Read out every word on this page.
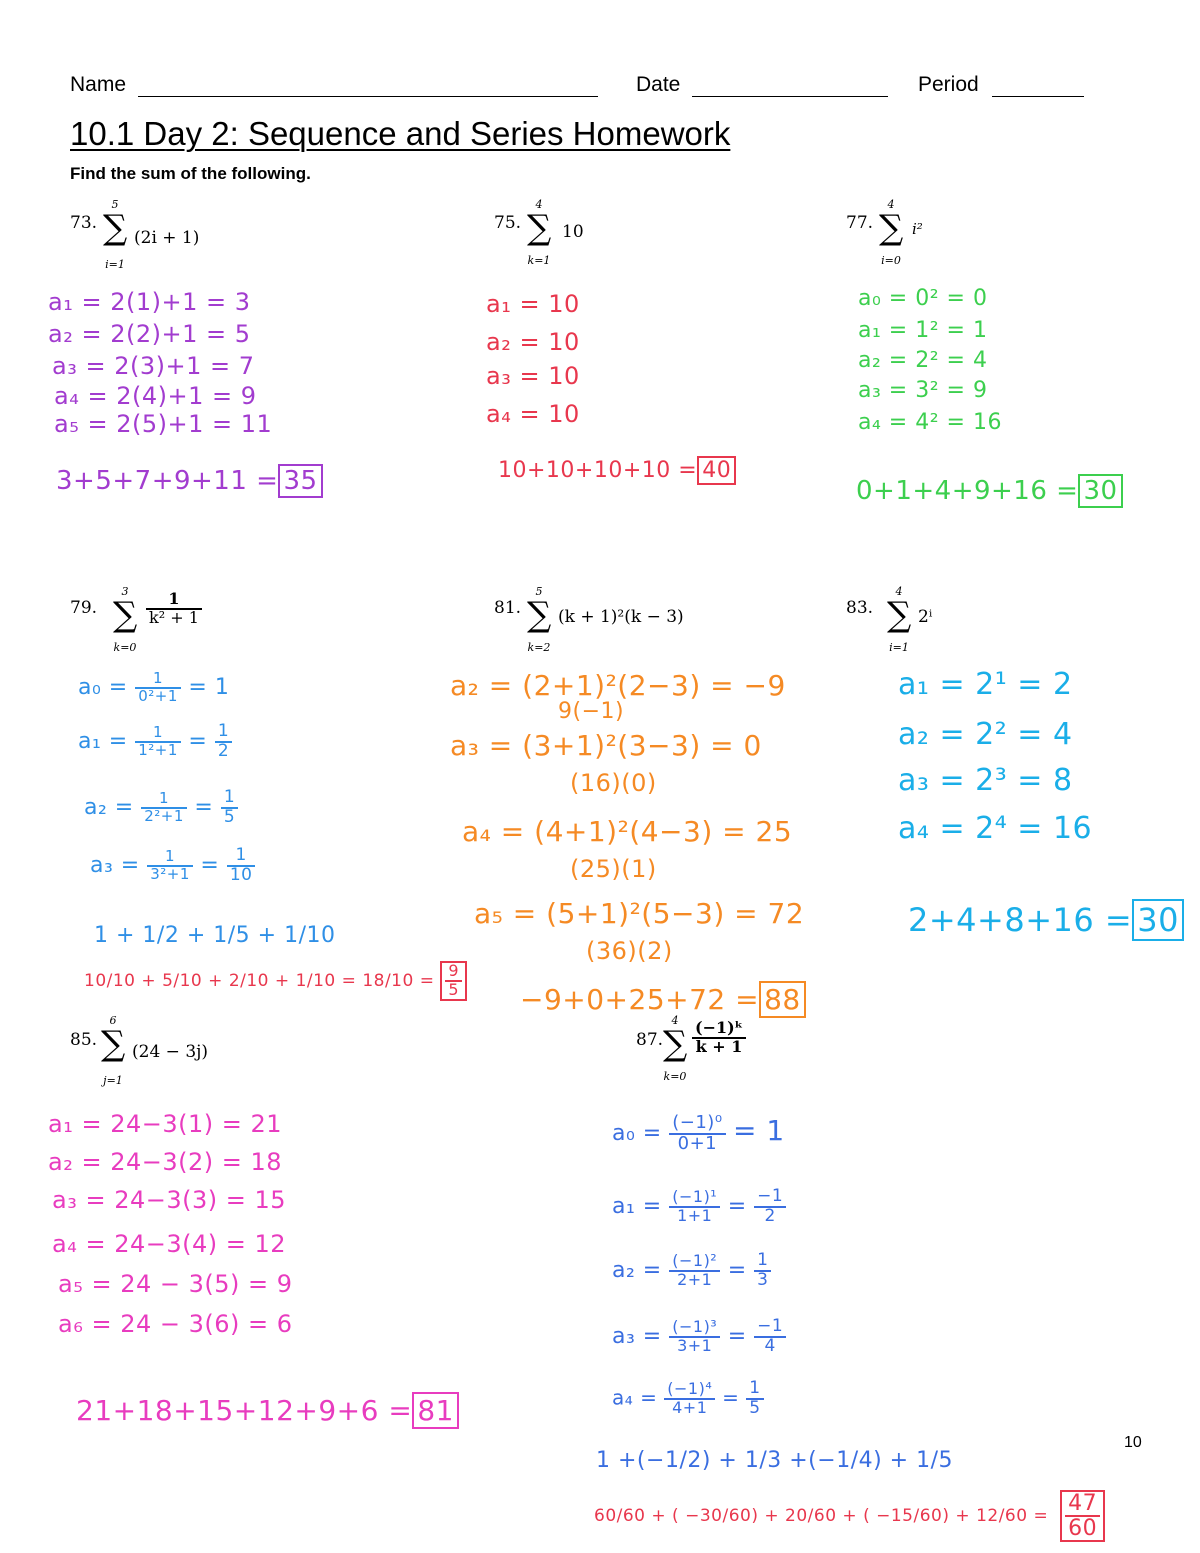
Name	Date	Period
10.1 Day 2: Sequence and Series Homework
Find the sum of the following.
73.
5
∑
i=1
(2i + 1)
a₁ = 2(1)+1 = 3
a₂ = 2(2)+1 = 5
a₃ = 2(3)+1 = 7
a₄ = 2(4)+1 = 9
a₅ = 2(5)+1 = 11
3+5+7+9+11 = 35
75.
4
∑
k=1
10
a₁ = 10
a₂ = 10
a₃ = 10
a₄ = 10
10+10+10+10 = 40
77.
4
∑
i=0
i²
a₀ = 0² = 0
a₁ = 1² = 1
a₂ = 2² = 4
a₃ = 3² = 9
a₄ = 4² = 16
0+1+4+9+16 = 30
79.
3
∑
k=0
$\frac{1}{\text{k² + 1}}$
$a_0 = \frac{1}{\text{0²+1}} = 1$
$a_1 = \frac{1}{\text{1²+1}} = \frac{1}{2}$
$a_2 = \frac{1}{\text{2²+1}} = \frac{1}{5}$
$a_3 = \frac{1}{\text{3²+1}} = \frac{1}{10}$
1 + 1/2 + 1/5 + 1/10
$10/10 + 5/10 + 2/10 + 1/10 = 18/10 = \frac{9}{5}$
81.
5
∑
k=2
(k + 1)²(k − 3)
a₂ = (2+1)²(2−3) = −9
9(−1)
a₃ = (3+1)²(3−3) = 0
(16)(0)
a₄ = (4+1)²(4−3) = 25
(25)(1)
a₅ = (5+1)²(5−3) = 72
(36)(2)
−9+0+25+72 = 88
83.
4
∑
i=1
2ⁱ
a₁ = 2¹ = 2
a₂ = 2² = 4
a₃ = 2³ = 8
a₄ = 2⁴ = 16
2+4+8+16 = 30
85.
6
∑
j=1
(24 − 3j)
a₁ = 24−3(1) = 21
a₂ = 24−3(2) = 18
a₃ = 24−3(3) = 15
a₄ = 24−3(4) = 12
a₅ = 24 − 3(5) = 9
a₆ = 24 − 3(6) = 6
21+18+15+12+9+6 = 81
87.
4
∑
k=0
$\frac{\text{(−1)ᵏ}}{k + 1}$
$a_0 = \frac{\text{(−1)⁰}}{0+1} = 1$
$a_1 = \frac{\text{(−1)¹}}{1+1} = \frac{-1}{2}$
$a_2 = \frac{\text{(−1)²}}{2+1} = \frac{1}{3}$
$a_3 = \frac{\text{(−1)³}}{3+1} = \frac{-1}{4}$
$a_4 = \frac{\text{(−1)⁴}}{4+1} = \frac{1}{5}$
1 +(−1/2) + 1/3 +(−1/4) + 1/5
60/60 + ( −30/60) + 20/60 + ( $-15/60) + 12/60 = \frac{47}{60}$
10
